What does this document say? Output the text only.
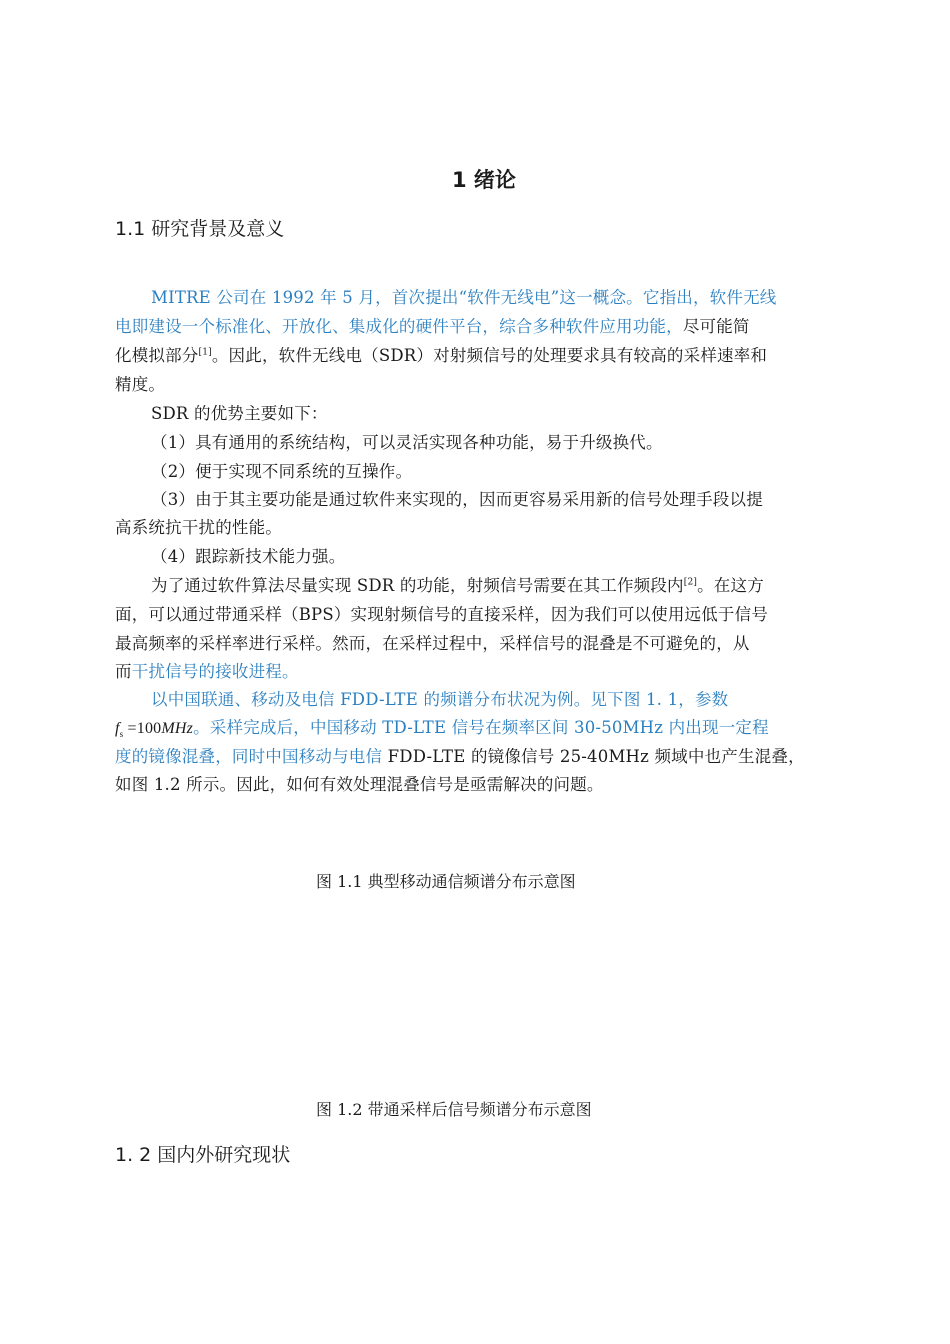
1 绪论
1.1 研究背景及意义
MITRE 公司在 1992 年 5 月，首次提出“软件无线电”这一概念。它指出，软件无线
电即建设一个标准化、开放化、集成化的硬件平台，综合多种软件应用功能，尽可能简
化模拟部分[1]。因此，软件无线电（SDR）对射频信号的处理要求具有较高的采样速率和
精度。
SDR 的优势主要如下：
（1）具有通用的系统结构，可以灵活实现各种功能，易于升级换代。
（2）便于实现不同系统的互操作。
（3）由于其主要功能是通过软件来实现的，因而更容易采用新的信号处理手段以提
高系统抗干扰的性能。
（4）跟踪新技术能力强。
为了通过软件算法尽量实现 SDR 的功能，射频信号需要在其工作频段内[2]。在这方
面，可以通过带通采样（BPS）实现射频信号的直接采样，因为我们可以使用远低于信号
最高频率的采样率进行采样。然而，在采样过程中，采样信号的混叠是不可避免的，从
而干扰信号的接收进程。
以中国联通、移动及电信 FDD-LTE 的频谱分布状况为例。见下图 1. 1，参数
$f_s =100MHz$。采样完成后，中国移动 TD-LTE 信号在频率区间 30-50MHz 内出现一定程
度的镜像混叠，同时中国移动与电信 FDD-LTE 的镜像信号 25-40MHz 频域中也产生混叠，
如图 1.2 所示。因此，如何有效处理混叠信号是亟需解决的问题。
图 1.1 典型移动通信频谱分布示意图
图 1.2 带通采样后信号频谱分布示意图
1. 2 国内外研究现状
